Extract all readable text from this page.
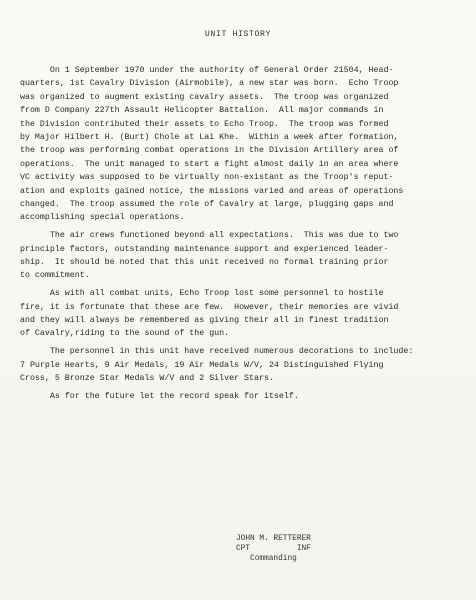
UNIT HISTORY
On 1 September 1970 under the authority of General Order 21504, Head-
quarters, 1st Cavalry Division (Airmobile), a new star was born.  Echo Troop
was organized to augment existing cavalry assets.  The troop was organized
from D Company 227th Assault Helicopter Battalion.  All major commands in
the Division contributed their assets to Echo Troop.  The troop was formed
by Major Hilbert H. (Burt) Chole at Lai Khe.  Within a week after formation,
the troop was performing combat operations in the Division Artillery area of
operations.  The unit managed to start a fight almost daily in an area where
VC activity was supposed to be virtually non-existant as the Troop's reput-
ation and exploits gained notice, the missions varied and areas of operations
changed.  The troop assumed the role of Cavalry at large, plugging gaps and
accomplishing special operations.
The air crews functioned beyond all expectations.  This was due to two
principle factors, outstanding maintenance support and experienced leader-
ship.  It should be noted that this unit received no formal training prior
to commitment.
As with all combat units, Echo Troop lost some personnel to hostile
fire, it is fortunate that these are few.  However, their memories are vivid
and they will always be remembered as giving their all in finest tradition
of Cavalry,riding to the sound of the gun.
The personnel in this unit have received numerous decorations to include:
7 Purple Hearts, 9 Air Medals, 19 Air Medals W/V, 24 Distinguished Flying
Cross, 5 Bronze Star Medals W/V and 2 Silver Stars.
As for the future let the record speak for itself.
JOHN M. RETTERER
CPT          INF
Commanding
